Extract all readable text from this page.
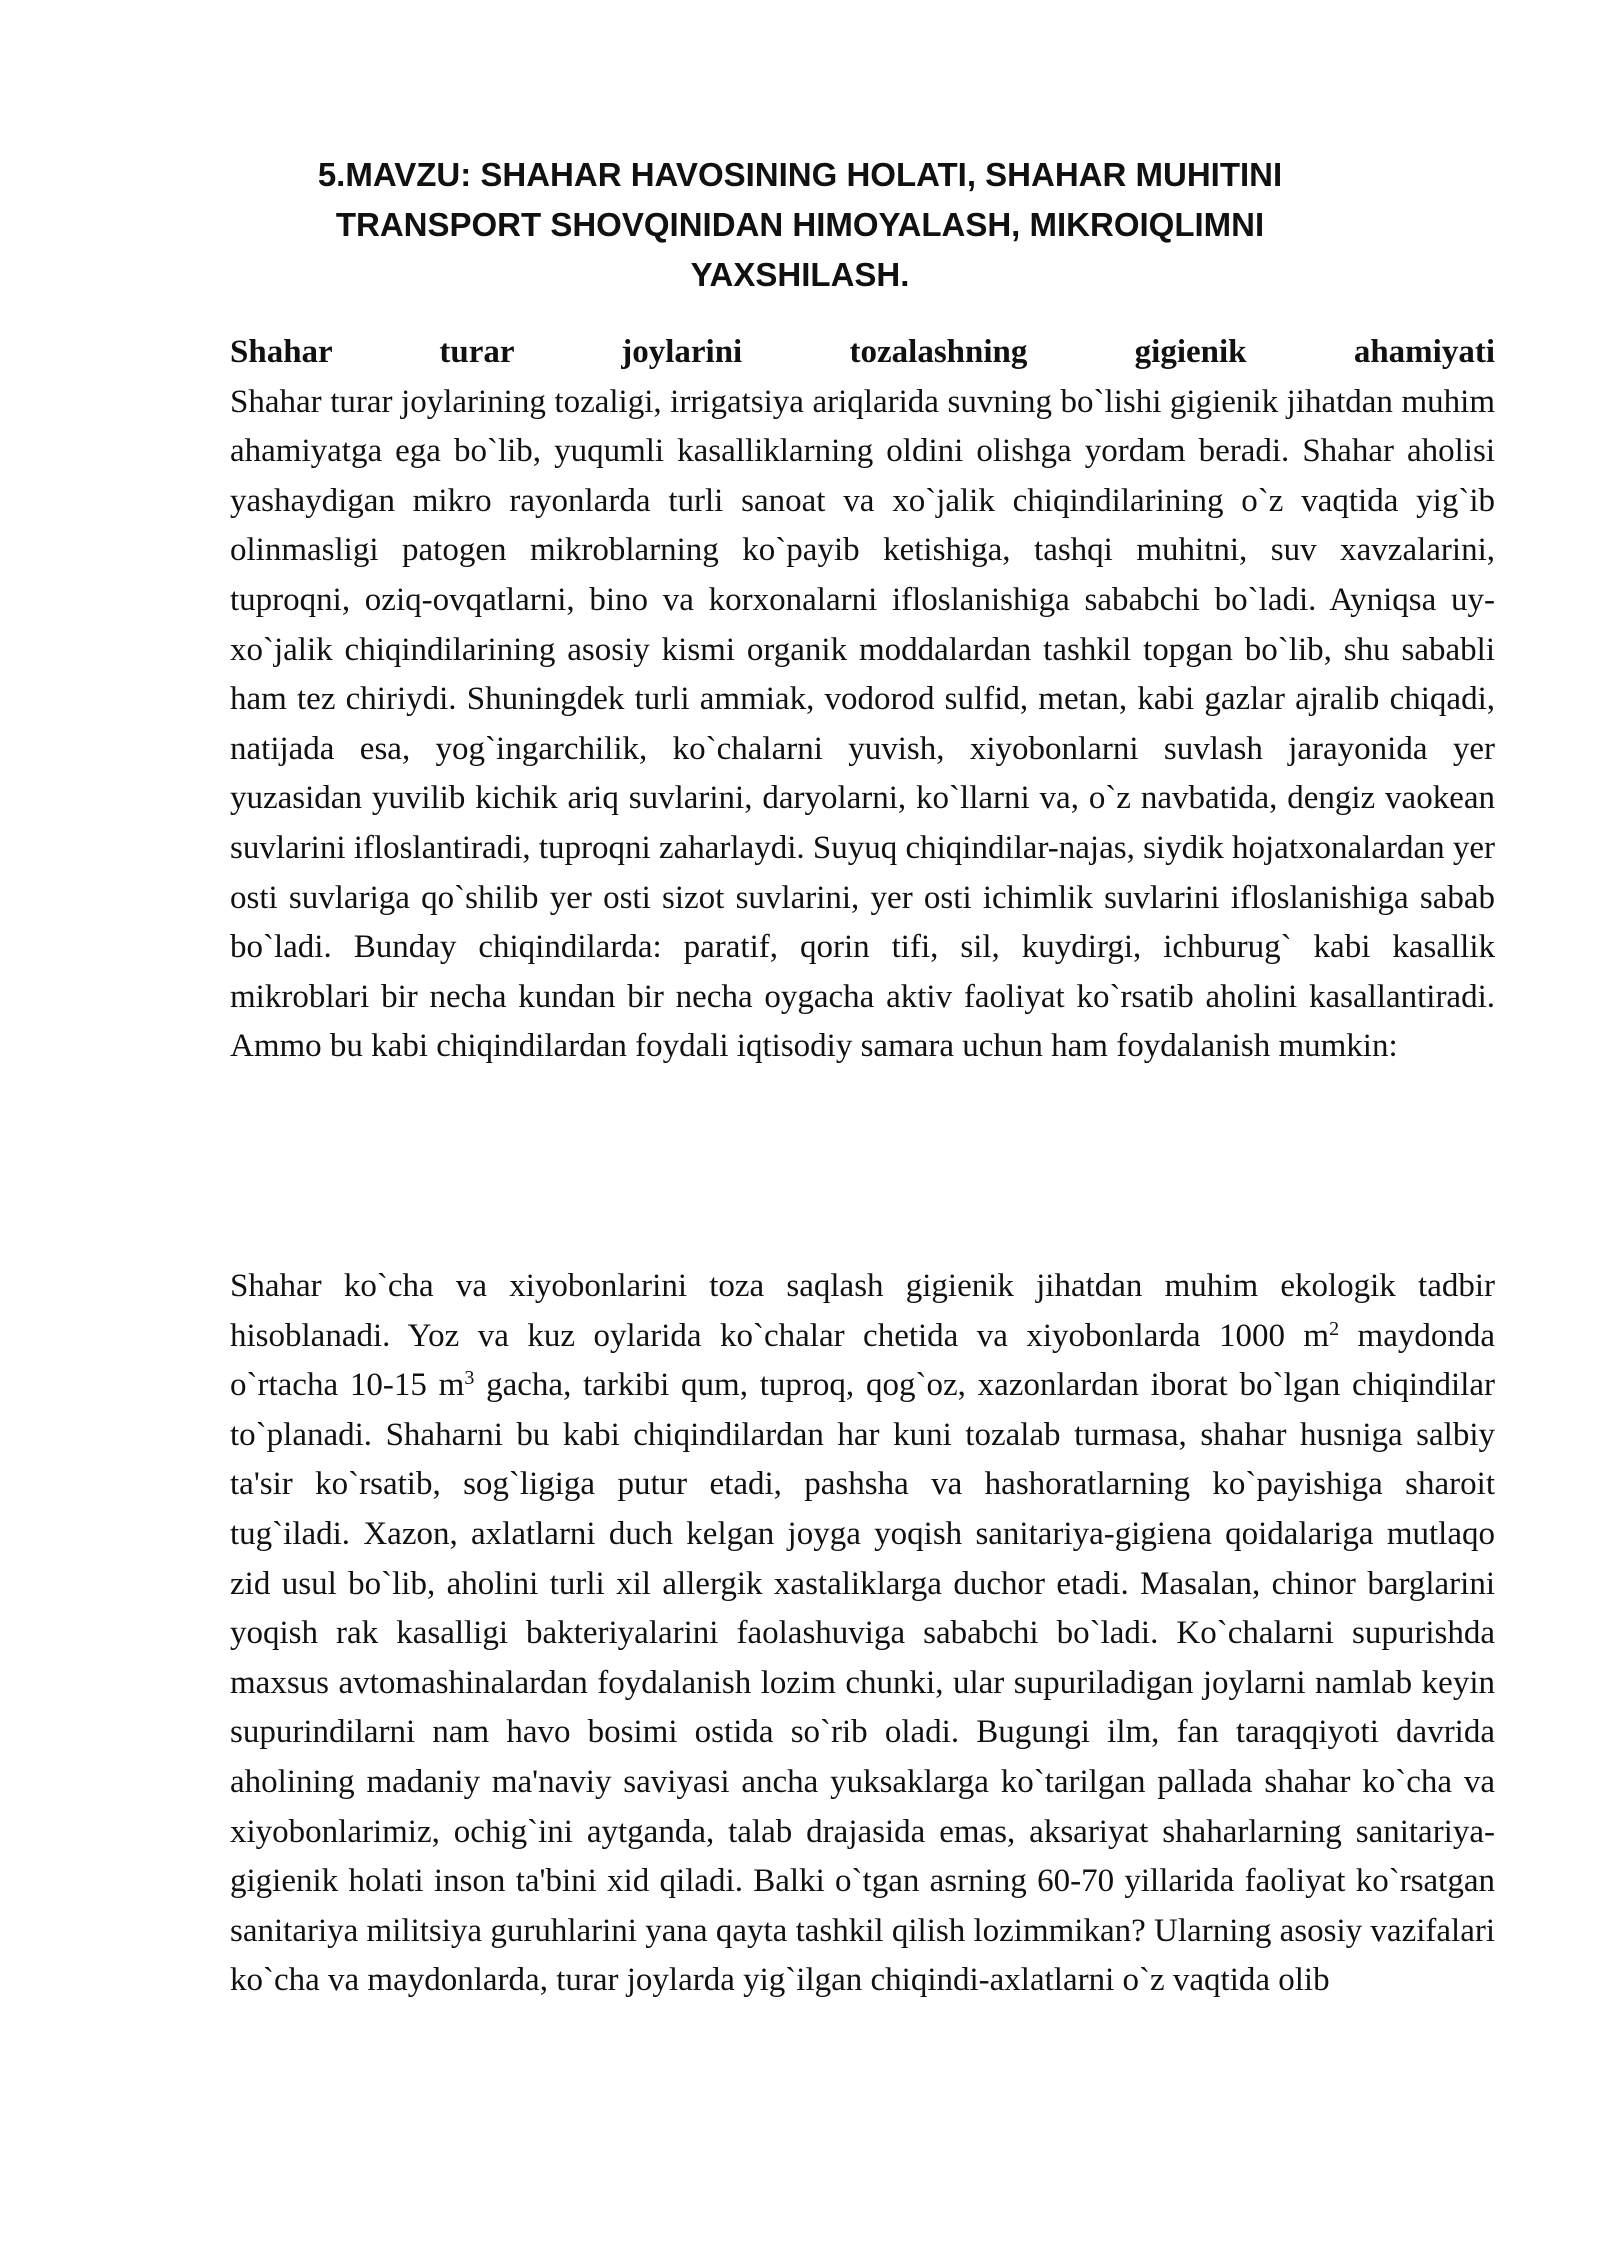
5.MAVZU: SHAHAR HAVOSINING HOLATI, SHAHAR MUHITINI
TRANSPORT SHOVQINIDAN HIMOYALASH, MIKROIQLIMNI
YAXSHILASH.

Shahar turar joylarini tozalashning gigienik ahamiyati
Shahar turar joylarining tozaligi, irrigatsiya ariqlarida suvning bo`lishi gigienik jihatdan muhim ahamiyatga ega bo`lib, yuqumli kasalliklarning oldini olishga yordam beradi. Shahar aholisi yashaydigan mikro rayonlarda turli sanoat va xo`jalik chiqindilarining o`z vaqtida yig`ib olinmasligi patogen mikroblarning ko`payib ketishiga, tashqi muhitni, suv xavzalarini, tuproqni, oziq-ovqatlarni, bino va korxonalarni ifloslanishiga sababchi bo`ladi. Ayniqsa uy-xo`jalik chiqindilarining asosiy kismi organik moddalardan tashkil topgan bo`lib, shu sababli ham tez chiriydi. Shuningdek turli ammiak, vodorod sulfid, metan, kabi gazlar ajralib chiqadi, natijada esa, yog`ingarchilik, ko`chalarni yuvish, xiyobonlarni suvlash jarayonida yer yuzasidan yuvilib kichik ariq suvlarini, daryolarni, ko`llarni va, o`z navbatida, dengiz vaokean suvlarini ifloslantiradi, tuproqni zaharlaydi. Suyuq chiqindilar-najas, siydik hojatxonalardan yer osti suvlariga qo`shilib yer osti sizot suvlarini, yer osti ichimlik suvlarini ifloslanishiga sabab bo`ladi. Bunday chiqindilarda: paratif, qorin tifi, sil, kuydirgi, ichburug` kabi kasallik mikroblari bir necha kundan bir necha oygacha aktiv faoliyat ko`rsatib aholini kasallantiradi. Ammo bu kabi chiqindilardan foydali iqtisodiy samara uchun ham foydalanish mumkin:

Shahar ko`cha va xiyobonlarini toza saqlash gigienik jihatdan muhim ekologik tadbir hisoblanadi. Yoz va kuz oylarida ko`chalar chetida va xiyobonlarda 1000 $m^2$ maydonda o`rtacha 10-15 $m^3$ gacha, tarkibi qum, tuproq, qog`oz, xazonlardan iborat bo`lgan chiqindilar to`planadi. Shaharni bu kabi chiqindilardan har kuni tozalab turmasa, shahar husniga salbiy ta'sir ko`rsatib, sog`ligiga putur etadi, pashsha va hashoratlarning ko`payishiga sharoit tug`iladi. Xazon, axlatlarni duch kelgan joyga yoqish sanitariya-gigiena qoidalariga mutlaqo zid usul bo`lib, aholini turli xil allergik xastaliklarga duchor etadi. Masalan, chinor barglarini yoqish rak kasalligi bakteriyalarini faolashuviga sababchi bo`ladi. Ko`chalarni supurishda maxsus avtomashinalardan foydalanish lozim chunki, ular supuriladigan joylarni namlab keyin supurindilarni nam havo bosimi ostida so`rib oladi. Bugungi ilm, fan taraqqiyoti davrida aholining madaniy ma'naviy saviyasi ancha yuksaklarga ko`tarilgan pallada shahar ko`cha va xiyobonlarimiz, ochig`ini aytganda, talab drajasida emas, aksariyat shaharlarning sanitariya-gigienik holati inson ta'bini xid qiladi. Balki o`tgan asrning 60-70 yillarida faoliyat ko`rsatgan sanitariya militsiya guruhlarini yana qayta tashkil qilish lozimmikan? Ularning asosiy vazifalari ko`cha va maydonlarda, turar joylarda yig`ilgan chiqindi-axlatlarni o`z vaqtida olib
